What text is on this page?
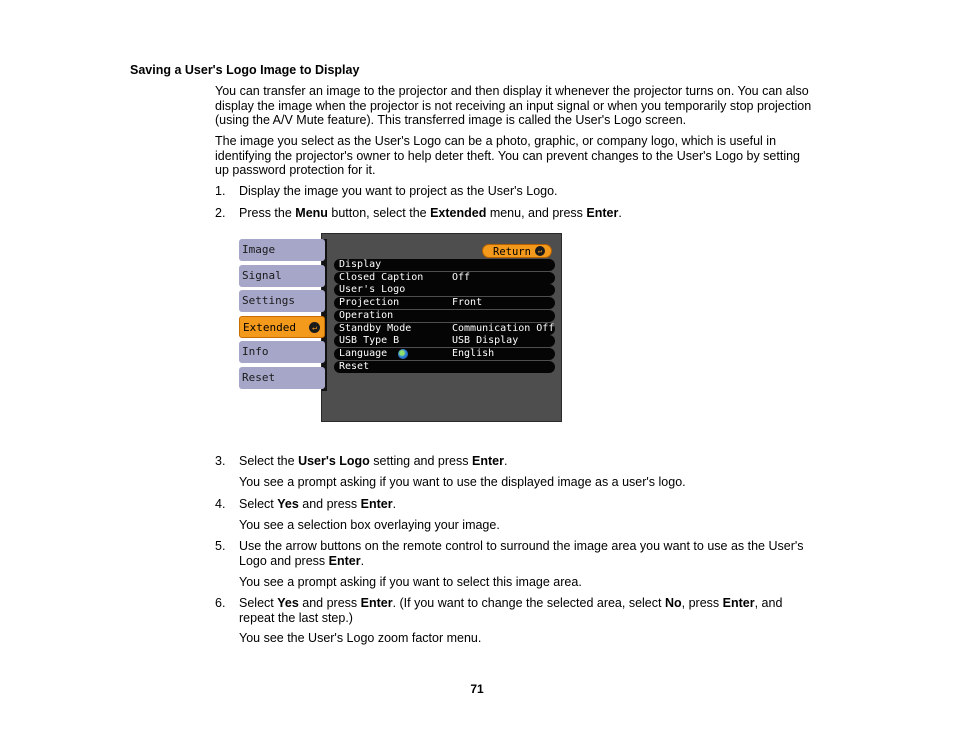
Saving a User's Logo Image to Display
You can transfer an image to the projector and then display it whenever the projector turns on. You can also display the image when the projector is not receiving an input signal or when you temporarily stop projection (using the A/V Mute feature). This transferred image is called the User's Logo screen.
The image you select as the User's Logo can be a photo, graphic, or company logo, which is useful in identifying the projector's owner to help deter theft. You can prevent changes to the User's Logo by setting up password protection for it.
1. Display the image you want to project as the User's Logo.
2. Press the Menu button, select the Extended menu, and press Enter.
Return ↵
Display
Closed Caption	Off
User's Logo
Projection	Front
Operation
Standby Mode	Communication Off
USB Type B	USB Display
Language	English
Reset
Image
Signal
Settings
Extended	↵
Info
Reset
3. Select the User's Logo setting and press Enter.
You see a prompt asking if you want to use the displayed image as a user's logo.
4. Select Yes and press Enter.
You see a selection box overlaying your image.
5. Use the arrow buttons on the remote control to surround the image area you want to use as the User's Logo and press Enter.
You see a prompt asking if you want to select this image area.
6. Select Yes and press Enter. (If you want to change the selected area, select No, press Enter, and repeat the last step.)
You see the User's Logo zoom factor menu.
71
